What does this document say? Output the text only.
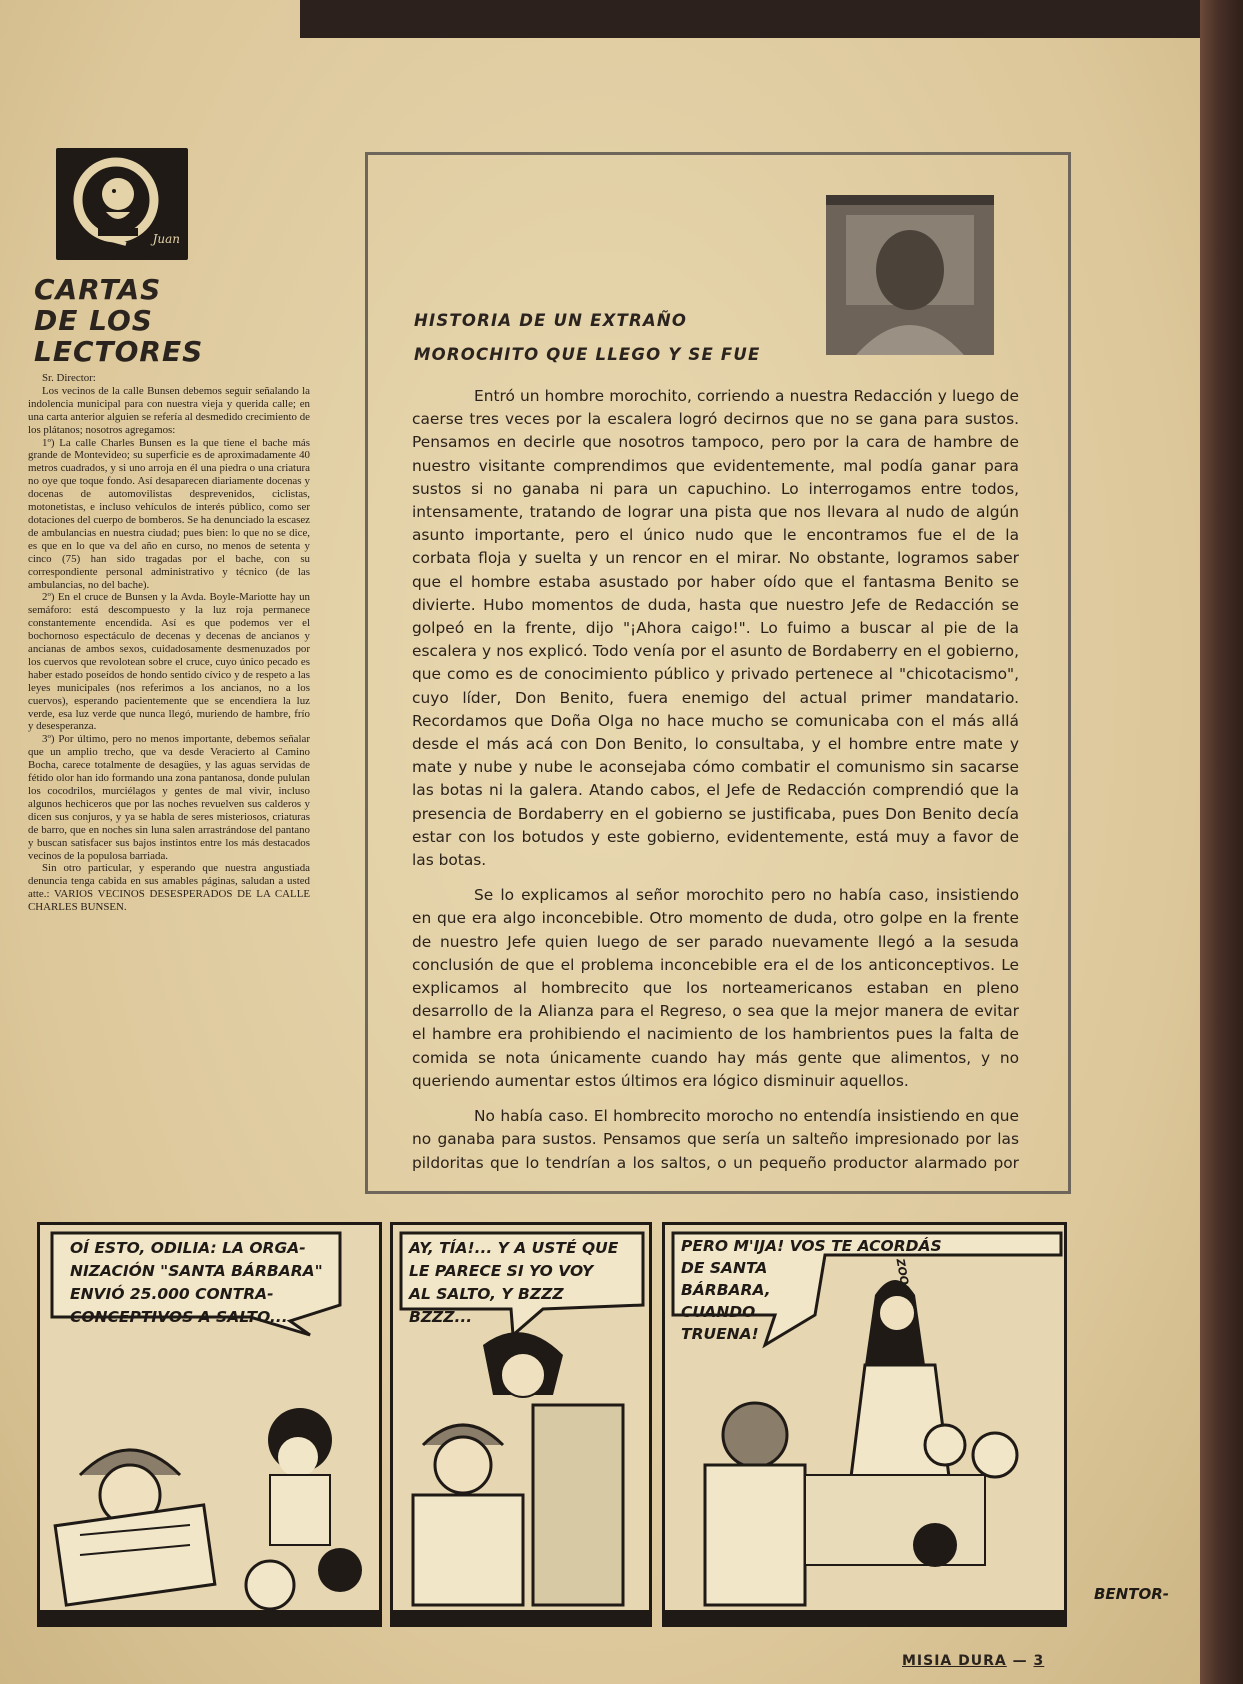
Juan
CARTAS
DE LOS
LECTORES

Sr. Director:

Los vecinos de la calle Bunsen debemos seguir señalando la indolencia municipal para con nuestra vieja y querida calle; en una carta anterior alguien se refería al desmedido crecimiento de los plátanos; nosotros agregamos:

1º) La calle Charles Bunsen es la que tiene el bache más grande de Montevideo; su superficie es de aproximadamente 40 metros cuadrados, y si uno arroja en él una piedra o una criatura no oye que toque fondo. Así desaparecen diariamente docenas y docenas de automovilistas desprevenidos, ciclistas, motonetistas, e incluso vehículos de interés público, como ser dotaciones del cuerpo de bomberos. Se ha denunciado la escasez de ambulancias en nuestra ciudad; pues bien: lo que no se dice, es que en lo que va del año en curso, no menos de setenta y cinco (75) han sido tragadas por el bache, con su correspondiente personal administrativo y técnico (de las ambulancias, no del bache).

2º) En el cruce de Bunsen y la Avda. Boyle-Mariotte hay un semáforo: está descompuesto y la luz roja permanece constantemente encendida. Así es que podemos ver el bochornoso espectáculo de decenas y decenas de ancianos y ancianas de ambos sexos, cuidadosamente desmenuzados por los cuervos que revolotean sobre el cruce, cuyo único pecado es haber estado poseídos de hondo sentido cívico y de respeto a las leyes municipales (nos referimos a los ancianos, no a los cuervos), esperando pacientemente que se encendiera la luz verde, esa luz verde que nunca llegó, muriendo de hambre, frío y desesperanza.

3º) Por último, pero no menos importante, debemos señalar que un amplio trecho, que va desde Veracierto al Camino Bocha, carece totalmente de desagües, y las aguas servidas de fétido olor han ido formando una zona pantanosa, donde pululan los cocodrilos, murciélagos y gentes de mal vivir, incluso algunos hechiceros que por las noches revuelven sus calderos y dicen sus conjuros, y ya se habla de seres misteriosos, criaturas de barro, que en noches sin luna salen arrastrándose del pantano y buscan satisfacer sus bajos instintos entre los más destacados vecinos de la populosa barriada.

Sin otro particular, y esperando que nuestra angustiada denuncia tenga cabida en sus amables páginas, saludan a usted atte.: VARIOS VECINOS DESESPERADOS DE LA CALLE CHARLES BUNSEN.

HISTORIA DE UN EXTRAÑO
MOROCHITO QUE LLEGO Y SE FUE

Entró un hombre morochito, corriendo a nuestra Redacción y luego de caerse tres veces por la escalera logró decirnos que no se gana para sustos. Pensamos en decirle que nosotros tampoco, pero por la cara de hambre de nuestro visitante comprendimos que evidentemente, mal podía ganar para sustos si no ganaba ni para un capuchino. Lo interrogamos entre todos, intensamente, tratando de lograr una pista que nos llevara al nudo de algún asunto importante, pero el único nudo que le encontramos fue el de la corbata floja y suelta y un rencor en el mirar. No obstante, logramos saber que el hombre estaba asustado por haber oído que el fantasma Benito se divierte. Hubo momentos de duda, hasta que nuestro Jefe de Redacción se golpeó en la frente, dijo "¡Ahora caigo!". Lo fuimo a buscar al pie de la escalera y nos explicó. Todo venía por el asunto de Bordaberry en el gobierno, que como es de conocimiento público y privado pertenece al "chicotacismo", cuyo líder, Don Benito, fuera enemigo del actual primer mandatario. Recordamos que Doña Olga no hace mucho se comunicaba con el más allá desde el más acá con Don Benito, lo consultaba, y el hombre entre mate y mate y nube y nube le aconsejaba cómo combatir el comunismo sin sacarse las botas ni la galera. Atando cabos, el Jefe de Redacción comprendió que la presencia de Bordaberry en el gobierno se justificaba, pues Don Benito decía estar con los botudos y este gobierno, evidentemente, está muy a favor de las botas.

Se lo explicamos al señor morochito pero no había caso, insistiendo en que era algo inconcebible. Otro momento de duda, otro golpe en la frente de nuestro Jefe quien luego de ser parado nuevamente llegó a la sesuda conclusión de que el problema inconcebible era el de los anticonceptivos. Le explicamos al hombrecito que los norteamericanos estaban en pleno desarrollo de la Alianza para el Regreso, o sea que la mejor manera de evitar el hambre era prohibiendo el nacimiento de los hambrientos pues la falta de comida se nota únicamente cuando hay más gente que alimentos, y no queriendo aumentar estos últimos era lógico disminuir aquellos.

No había caso. El hombrecito morocho no entendía insistiendo en que no ganaba para sustos. Pensamos que sería un salteño impresionado por las pildoritas que lo tendrían a los saltos, o un pequeño productor alarmado por

OÍ ESTO, ODILIA: LA ORGA-
NIZACIÓN "SANTA BÁRBARA"
ENVIÓ 25.000 CONTRA-
CONCEPTIVOS A SALTO...
AY, TÍA!... Y A USTÉ QUE
LE PARECE SI YO VOY
AL SALTO, Y BZZZ
BZZZ...
PERO M'IJA! VOS TE ACORDÁS
DE SANTA
BÁRBARA,
CUANDO
TRUENA!
ZOOO
BENTOR-
MISIA DURA — 3
